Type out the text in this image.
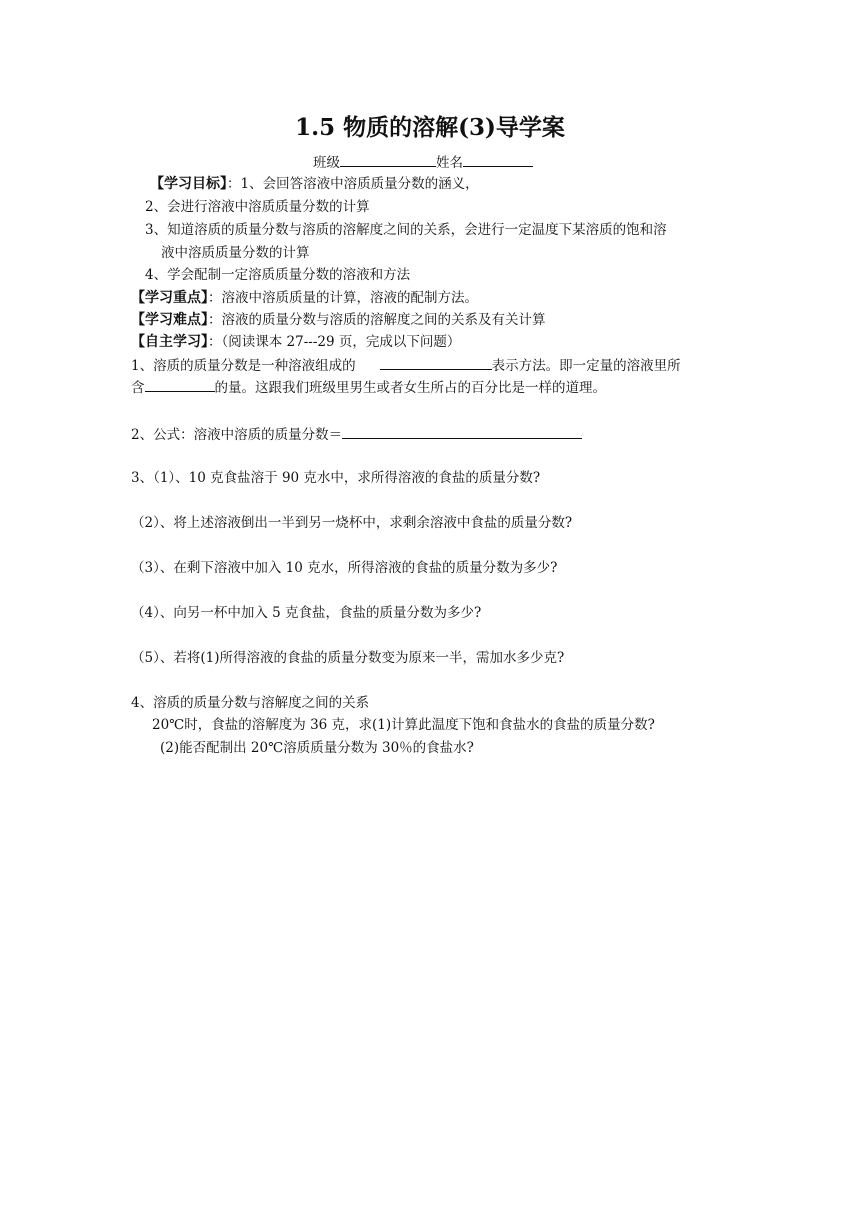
1.5 物质的溶解(3)导学案
班级	姓名
【学习目标】：1、会回答溶液中溶质质量分数的涵义，
2、会进行溶液中溶质质量分数的计算
3、知道溶质的质量分数与溶质的溶解度之间的关系，会进行一定温度下某溶质的饱和溶
液中溶质质量分数的计算
4、学会配制一定溶质质量分数的溶液和方法
【学习重点】：溶液中溶质质量的计算，溶液的配制方法。
【学习难点】：溶液的质量分数与溶质的溶解度之间的关系及有关计算
【自主学习】：（阅读课本 27---29 页，完成以下问题）
1、溶质的质量分数是一种溶液组成的	表示方法。即一定量的溶液里所
含	的量。这跟我们班级里男生或者女生所占的百分比是一样的道理。
2、公式：溶液中溶质的质量分数＝
3、（1）、10 克食盐溶于 90 克水中，求所得溶液的食盐的质量分数?
（2）、将上述溶液倒出一半到另一烧杯中，求剩余溶液中食盐的质量分数?
（3）、在剩下溶液中加入 10 克水，所得溶液的食盐的质量分数为多少?
（4）、向另一杯中加入 5 克食盐，食盐的质量分数为多少?
（5）、若将(1)所得溶液的食盐的质量分数变为原来一半，需加水多少克?
4、溶质的质量分数与溶解度之间的关系
20℃时，食盐的溶解度为 36 克，求(1)计算此温度下饱和食盐水的食盐的质量分数?
(2)能否配制出 20℃溶质质量分数为 30％的食盐水?
